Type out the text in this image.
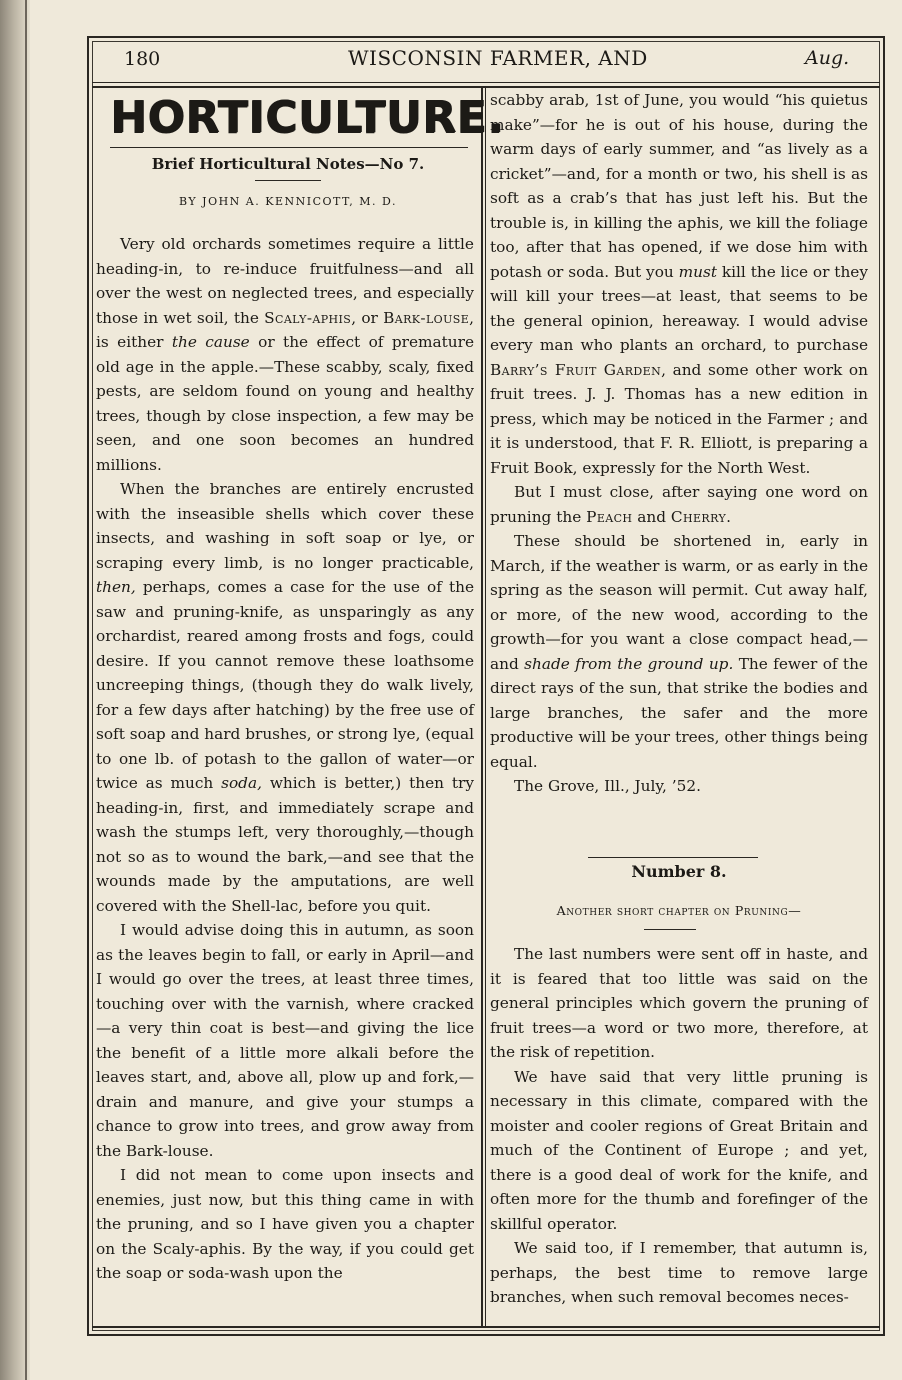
180	WISCONSIN FARMER, AND	Aug.
HORTICULTURE.
Brief Horticultural Notes—No 7.
BY JOHN A. KENNICOTT, M. D.

Very old orchards sometimes require a little heading-in, to re-induce fruitfulness—and all over the west on neglected trees, and especially those in wet soil, the Scaly-aphis, or Bark-louse, is either the cause or the effect of premature old age in the apple.—These scabby, scaly, fixed pests, are seldom found on young and healthy trees, though by close inspection, a few may be seen, and one soon becomes an hundred millions.

When the branches are entirely encrusted with the inseasible shells which cover these insects, and washing in soft soap or lye, or scraping every limb, is no longer practicable, then, perhaps, comes a case for the use of the saw and pruning-knife, as unsparingly as any orchardist, reared among frosts and fogs, could desire. If you cannot remove these loathsome uncreeping things, (though they do walk lively, for a few days after hatching) by the free use of soft soap and hard brushes, or strong lye, (equal to one lb. of potash to the gallon of water—or twice as much soda, which is better,) then try heading-in, first, and immediately scrape and wash the stumps left, very thoroughly,—though not so as to wound the bark,—and see that the wounds made by the amputations, are well covered with the Shell-lac, before you quit.

I would advise doing this in autumn, as soon as the leaves begin to fall, or early in April—and I would go over the trees, at least three times, touching over with the varnish, where cracked—a very thin coat is best—and giving the lice the benefit of a little more alkali before the leaves start, and, above all, plow up and fork,—drain and manure, and give your stumps a chance to grow into trees, and grow away from the Bark-louse.

I did not mean to come upon insects and enemies, just now, but this thing came in with the pruning, and so I have given you a chapter on the Scaly-aphis. By the way, if you could get the soap or soda-wash upon the

scabby arab, 1st of June, you would “his quietus make”—for he is out of his house, during the warm days of early summer, and “as lively as a cricket”—and, for a month or two, his shell is as soft as a crab’s that has just left his. But the trouble is, in killing the aphis, we kill the foliage too, after that has opened, if we dose him with potash or soda. But you must kill the lice or they will kill your trees—at least, that seems to be the general opinion, hereaway. I would advise every man who plants an orchard, to purchase Barry’s Fruit Garden, and some other work on fruit trees. J. J. Thomas has a new edition in press, which may be noticed in the Farmer ; and it is understood, that F. R. Elliott, is preparing a Fruit Book, expressly for the North West.

But I must close, after saying one word on pruning the Peach and Cherry.

These should be shortened in, early in March, if the weather is warm, or as early in the spring as the season will permit. Cut away half, or more, of the new wood, according to the growth—for you want a close compact head,—and shade from the ground up. The fewer of the direct rays of the sun, that strike the bodies and large branches, the safer and the more productive will be your trees, other things being equal.

The Grove, Ill., July, ’52.

Number 8.
Another short chapter on Pruning—

The last numbers were sent off in haste, and it is feared that too little was said on the general principles which govern the pruning of fruit trees—a word or two more, therefore, at the risk of repetition.

We have said that very little pruning is necessary in this climate, compared with the moister and cooler regions of Great Britain and much of the Continent of Europe ; and yet, there is a good deal of work for the knife, and often more for the thumb and forefinger of the skillful operator.

We said too, if I remember, that autumn is, perhaps, the best time to remove large branches, when such removal becomes neces-
